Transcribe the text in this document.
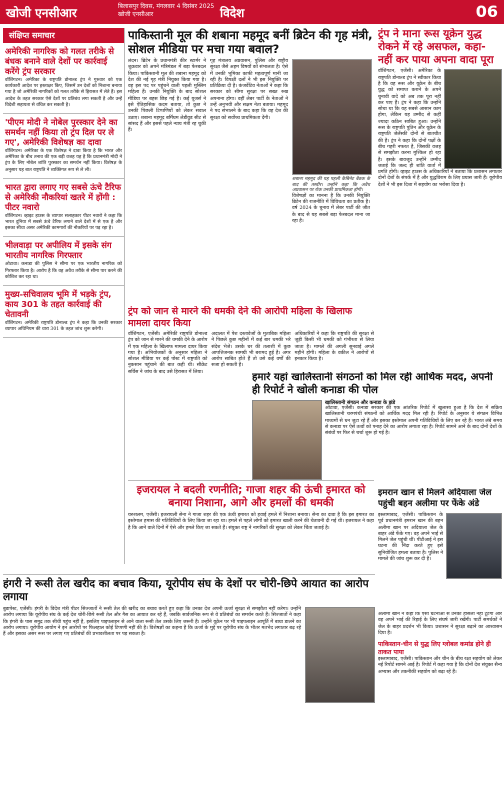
खोजी एनसीआर	बिलासपुर दिवस, मंगलवार 4 दिसंबर 2025
खोजी एनसीआर	विदेश	06
संक्षिप्त समाचार
अमेरिकी नागरिक को गलत तरीके से बंधक बनाने वाले देशों पर कार्रवाई करेंगे ट्रंप सरकार
वॉशिंगटन। अमेरिका के राष्ट्रपति डोनाल्ड ट्रंप ने गुरुवार को एक कार्यकारी आदेश पर हस्ताक्षर किए, जिसमें उन देशों को निशाना बनाया गया है जो अमेरिकी नागरिकों को गलत तरीके से हिरासत में लेते हैं। इस आदेश के तहत सरकार ऐसे देशों पर प्रतिबंध लगा सकती है और उन्हें विदेशी सहायता से वंचित कर सकती है।
'पीएम मोदी ने नोबेल पुरस्कार देने का समर्थन नहीं किया तो ट्रंप दिल पर ले गए', अमेरिकी विशेषज्ञ का दावा
वॉशिंगटन। अमेरिका के एक विशेषज्ञ ने दावा किया है कि भारत और अमेरिका के बीच तनाव की एक बड़ी वजह यह है कि प्रधानमंत्री मोदी ने ट्रंप के लिए नोबेल शांति पुरस्कार का समर्थन नहीं किया। विशेषज्ञ के अनुसार यह बात राष्ट्रपति ने व्यक्तिगत रूप से ले ली।
भारत द्वारा लगाए गए सबसे ऊंचे टैरिफ से अमेरिकी नौकरियां खतरे में होंगी : पीटर नवारो
वॉशिंगटन। व्हाइट हाउस के व्यापार सलाहकार पीटर नवारो ने कहा कि भारत दुनिया में सबसे ऊंचे टैरिफ लगाने वाले देशों में से एक है और इसका सीधा असर अमेरिकी कामगारों की नौकरियों पर पड़ रहा है।
भीलवाड़ा पर अपीलिय में इसके संग भारतीय नागरिक गिरफ्तार
ओटावा। कनाडा की पुलिस ने सीमा पर एक भारतीय नागरिक को गिरफ्तार किया है। आरोप है कि वह अवैध तरीके से सीमा पार करने की कोशिश कर रहा था।
मुख्य-सचिवालय भूमि में भड़के ट्रंप, काय 301 के तहत कार्रवाई की चेतावनी
वॉशिंगटन। अमेरिकी राष्ट्रपति डोनाल्ड ट्रंप ने कहा कि उनकी सरकार व्यापार अधिनियम की धारा 301 के तहत जांच शुरू करेगी।
पाकिस्तानी मूल की शबाना महमूद बनीं ब्रिटेन की गृह मंत्री, सोशल मीडिया पर मचा गया बवाल?
लंदन। ब्रिटेन के प्रधानमंत्री कीर स्टार्मर ने शुक्रवार को अपने मंत्रिमंडल में बड़ा फेरबदल किया। पाकिस्तानी मूल की शबाना महमूद को देश की नई गृह मंत्री नियुक्त किया गया है। वह इस पद पर पहुंचने वाली पहली मुस्लिम महिला हैं। उनकी नियुक्ति के बाद सोशल मीडिया पर बहस छिड़ गई है। कई यूजर्स ने इसे ऐतिहासिक कदम बताया, तो कुछ ने उनकी पिछली टिप्पणियों को लेकर सवाल उठाए। शबाना महमूद बर्मिंघम लेडीवुड सीट से सांसद हैं और इससे पहले न्याय मंत्री रह चुकी हैं।
गृह मंत्रालय अप्रवासन, पुलिस और राष्ट्रीय सुरक्षा जैसे अहम विषयों को संभालता है। ऐसे में उनकी भूमिका काफी महत्वपूर्ण मानी जा रही है। विपक्षी दलों ने भी इस नियुक्ति पर प्रतिक्रिया दी है। कंजर्वेटिव नेताओं ने कहा कि सरकार को सीमा सुरक्षा पर सख्त रुख अपनाना होगा। वहीं लेबर पार्टी के नेताओं ने उन्हें अनुभवी और सक्षम नेता बताया। महमूद ने पद संभालने के बाद कहा कि वह देश की सुरक्षा को सर्वोच्च प्राथमिकता देंगी।
शबाना महमूद की यह पहली कैबिनेट बैठक के बाद की तस्वीर। उन्होंने कहा कि अवैध अप्रवासन पर रोक उनकी प्राथमिकता होगी।
विशेषज्ञों का मानना है कि उनकी नियुक्ति ब्रिटेन की राजनीति में विविधता का प्रतीक है। वर्ष 2024 के चुनाव में लेबर पार्टी की जीत के बाद से यह सबसे बड़ा फेरबदल माना जा रहा है।
ट्रंप ने माना रूस यूक्रेन युद्ध रोकने में रहे असफल, कहा- नहीं कर पाया अपना वादा पूरा
वॉशिंगटन, एजेंसी। अमेरिका के राष्ट्रपति डोनाल्ड ट्रंप ने स्वीकार किया है कि वह रूस और यूक्रेन के बीच युद्ध को समाप्त कराने के अपने चुनावी वादे को अब तक पूरा नहीं कर पाए हैं। ट्रंप ने कहा कि उन्होंने सोचा था कि यह सबसे आसान काम होगा, लेकिन यह उम्मीद से कहीं ज्यादा कठिन साबित हुआ। उन्होंने रूस के राष्ट्रपति पुतिन और यूक्रेन के राष्ट्रपति जेलेंस्की दोनों से बातचीत की है। ट्रंप ने कहा कि दोनों पक्षों के बीच गहरी नफरत है, जिसकी वजह से समझौता करना मुश्किल हो रहा है। इसके बावजूद उन्होंने उम्मीद जताई कि जल्द ही शांति वार्ता में प्रगति होगी। व्हाइट हाउस के अधिकारियों ने बताया कि प्रशासन लगातार दोनों देशों के संपर्क में है और युद्धविराम के लिए प्रयास जारी हैं। यूरोपीय देशों ने भी इस दिशा में सहयोग का भरोसा दिया है।
ट्रंप को जान से मारने की धमकी देने की आरोपी महिला के खिलाफ मामला दायर किया
वॉशिंगटन, एजेंसी। अमेरिकी राष्ट्रपति डोनाल्ड ट्रंप को जान से मारने की धमकी देने के आरोप में एक महिला के खिलाफ मामला दायर किया गया है। अभियोजकों के अनुसार महिला ने सोशल मीडिया पर कई पोस्ट में राष्ट्रपति को नुकसान पहुंचाने की बात कही थी। सीक्रेट सर्विस ने जांच के बाद उसे हिरासत में लिया।
अदालत में पेश दस्तावेजों के मुताबिक महिला ने पिछले कुछ महीनों में कई बार धमकी भरे संदेश भेजे। उसके घर की तलाशी में कुछ आपत्तिजनक सामग्री भी बरामद हुई है। अगर आरोप साबित होते हैं तो उसे कई वर्षों की सजा हो सकती है।
अधिकारियों ने कहा कि राष्ट्रपति की सुरक्षा से जुड़ी किसी भी धमकी को गंभीरता से लिया जाता है। मामले की अगली सुनवाई अगले महीने होगी। महिला के वकील ने आरोपों से इनकार किया है।
हमारे यहां खालिस्तानी संगठनों को मिल रही आर्थिक मदद, अपनी ही रिपोर्ट ने खोली कनाडा की पोल
खालिस्तानी संगठन और कनाडा के झंडे
ओटावा, एजेंसी। कनाडा सरकार की एक आंतरिक रिपोर्ट में खुलासा हुआ है कि देश में सक्रिय खालिस्तानी चरमपंथी संगठनों को आर्थिक मदद मिल रही है। रिपोर्ट के अनुसार ये संगठन विभिन्न माध्यमों से धन जुटा रहे हैं और इसका इस्तेमाल अपनी गतिविधियों के लिए कर रहे हैं। भारत लंबे समय से कनाडा पर ऐसे तत्वों को पनाह देने का आरोप लगाता रहा है। रिपोर्ट सामने आने के बाद दोनों देशों के संबंधों पर फिर से चर्चा शुरू हो गई है।
इजरायल ने बदली रणनीति; गाजा शहर की ऊंची इमारत को बनाया निशाना, आगे और हमलों की धमकी
यरुशलम, एजेंसी। इजरायली सेना ने गाजा शहर की एक ऊंची इमारत को हवाई हमले में निशाना बनाया। सेना का दावा है कि इस इमारत का इस्तेमाल हमास की गतिविधियों के लिए किया जा रहा था। हमले से पहले लोगों को इमारत खाली करने की चेतावनी दी गई थी। इजरायल ने कहा है कि आने वाले दिनों में ऐसे और हमले किए जा सकते हैं। संयुक्त राष्ट्र ने नागरिकों की सुरक्षा को लेकर चिंता जताई है।
इमरान खान से मिलने अदियाला जेल पहुंची बहन अलीमा पर फेंके अंडे
इस्लामाबाद, एजेंसी। पाकिस्तान के पूर्व प्रधानमंत्री इमरान खान की बहन अलीमा खान पर अदियाला जेल के बाहर अंडे फेंके गए। वह अपने भाई से मिलने जेल पहुंची थीं। पीटीआई ने इस घटना की निंदा करते हुए इसे सुनियोजित हमला बताया है। पुलिस ने मामले की जांच शुरू कर दी है।
हंगरी ने रूसी तेल खरीद का बचाव किया, यूरोपीय संघ के देशों पर चोरी-छिपे आयात का आरोप लगाया
बुडापेस्ट, एजेंसी। हंगरी के विदेश मंत्री पीटर सिज्जार्तो ने रूसी तेल की खरीद का बचाव करते हुए कहा कि उनका देश अपनी ऊर्जा सुरक्षा से समझौता नहीं करेगा। उन्होंने आरोप लगाया कि यूरोपीय संघ के कई देश चोरी-छिपे रूसी तेल और गैस का आयात कर रहे हैं, जबकि सार्वजनिक रूप से वे प्रतिबंधों का समर्थन करते हैं। सिज्जार्तो ने कहा कि हंगरी के पास समुद्र तक सीधी पहुंच नहीं है, इसलिए पाइपलाइन से आने वाला रूसी तेल उसके लिए जरूरी है। उन्होंने यूक्रेन पर भी पाइपलाइन आपूर्ति में बाधा डालने का आरोप लगाया। यूरोपीय आयोग ने इन आरोपों पर फिलहाल कोई टिप्पणी नहीं की है। विशेषज्ञों का कहना है कि ऊर्जा के मुद्दे पर यूरोपीय संघ के भीतर मतभेद लगातार बढ़ रहे हैं और इसका असर रूस पर लगाए गए प्रतिबंधों की प्रभावशीलता पर पड़ सकता है।
अलीमा खान ने कहा कि ऐसी घटनाओं से उनका हौसला नहीं टूटेगा और वह अपने भाई की रिहाई के लिए संघर्ष जारी रखेंगी। पार्टी समर्थकों ने जेल के बाहर प्रदर्शन भी किया। प्रशासन ने सुरक्षा बढ़ाने का आश्वासन दिया है।
पाकिस्तान-चीन से युद्ध लिए ग्लोबल कमांड होने ही ताकत पाया
इस्लामाबाद, एजेंसी। पाकिस्तान और चीन के बीच रक्षा सहयोग को लेकर नई रिपोर्ट सामने आई है। रिपोर्ट में कहा गया है कि दोनों देश संयुक्त सैन्य अभ्यास और तकनीकी सहयोग को बढ़ा रहे हैं।
